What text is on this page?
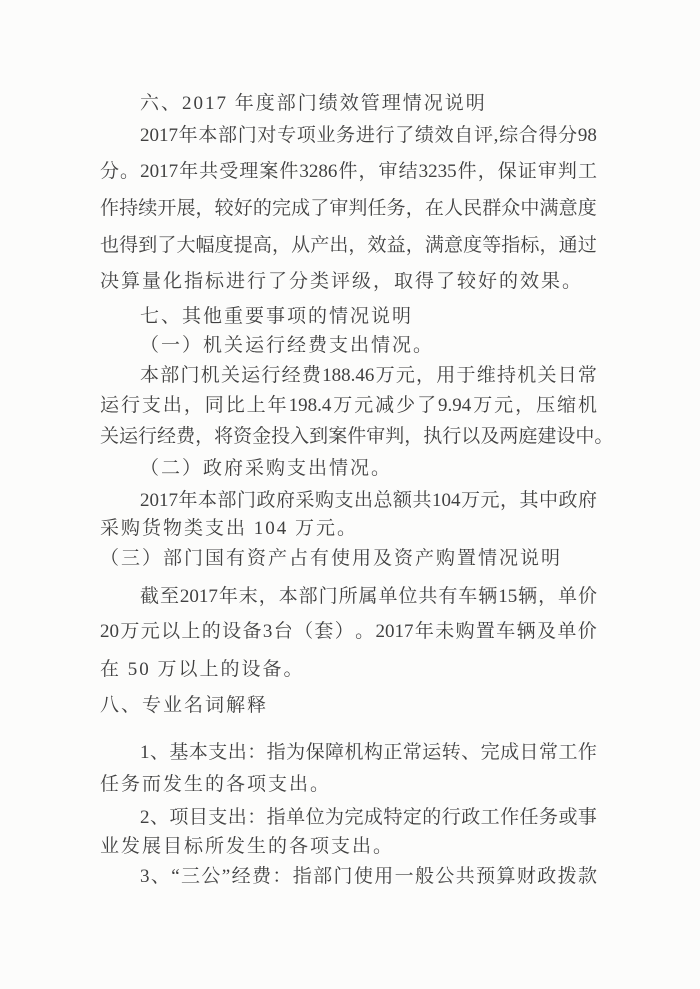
六、2017 年度部门绩效管理情况说明
2017 年 本 部 门 对 专 项 业 务 进 行 了 绩 效 自 评 , 综 合 得 分 98
分 。 2017 年 共 受 理 案 件 3286 件 ， 审 结 3235 件 ， 保 证 审 判 工
作 持 续 开 展 ， 较 好 的 完 成 了 审 判 任 务 ， 在 人 民 群 众 中 满 意 度
也 得 到 了 大 幅 度 提 高 ， 从 产 出 ， 效 益 ， 满 意 度 等 指 标 ， 通 过
决算量化指标进行了分类评级，取得了较好的效果。
七、其他重要事项的情况说明
（一）机关运行经费支出情况。
本 部 门 机 关 运 行 经 费 188.46 万 元 ， 用 于 维 持 机 关 日 常
运 行 支 出 ， 同 比 上 年 198.4 万 元 减 少 了 9.94 万 元 ， 压 缩 机
关 运 行 经 费 ， 将 资 金 投 入 到 案 件 审 判 ， 执 行 以 及 两 庭 建 设 中 。
（二）政府采购支出情况。
2017 年 本 部 门 政 府 采 购 支 出 总 额 共 104 万 元 ， 其 中 政 府
采购货物类支出 104 万元。
（三）部门国有资产占有使用及资产购置情况说明
截 至 2017 年 末 ， 本 部 门 所 属 单 位 共 有 车 辆 15 辆 ， 单 价
20 万 元 以 上 的 设 备 3 台 （ 套 ） 。 2017 年 未 购 置 车 辆 及 单 价
在 50 万以上的设备。
八、专业名词解释
1 、 基 本 支 出 ： 指 为 保 障 机 构 正 常 运 转 、 完 成 日 常 工 作
任务而发生的各项支出。
2 、 项 目 支 出 ： 指 单 位 为 完 成 特 定 的 行 政 工 作 任 务 或 事
业发展目标所发生的各项支出。
3 、 “ 三 公 ” 经 费 ： 指 部 门 使 用 一 般 公 共 预 算 财 政 拨 款
